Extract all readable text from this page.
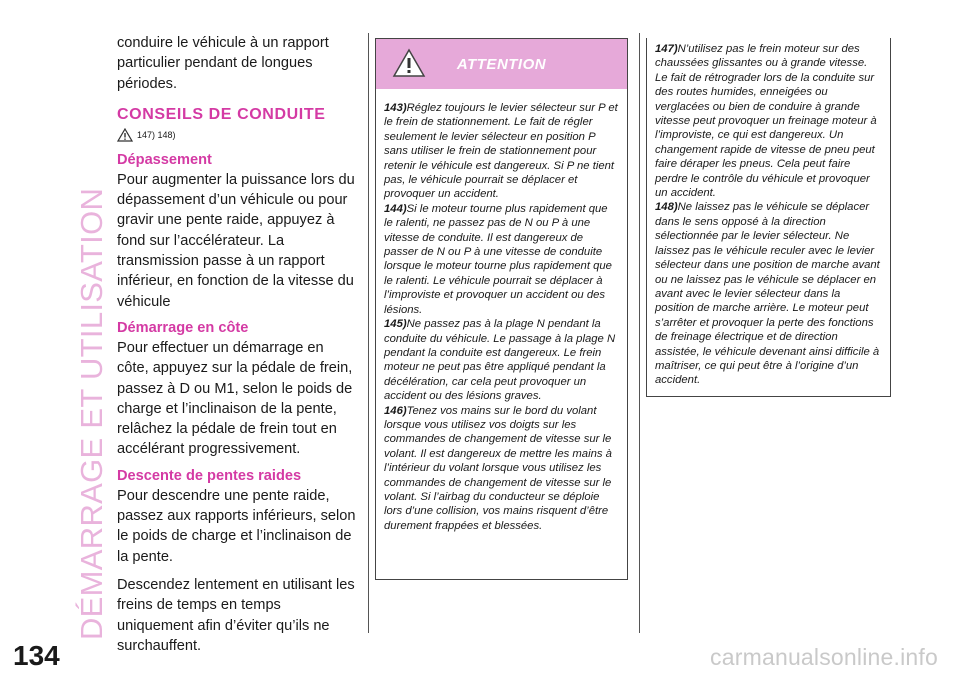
DÉMARRAGE ET UTILISATION
134

conduire le véhicule à un rapport particulier pendant de longues périodes.

CONSEILS DE CONDUITE
147) 148)
Dépassement

Pour augmenter la puissance lors du dépassement d’un véhicule ou pour gravir une pente raide, appuyez à fond sur l’accélérateur. La transmission passe à un rapport inférieur, en fonction de la vitesse du véhicule

Démarrage en côte

Pour effectuer un démarrage en côte, appuyez sur la pédale de frein, passez à D ou M1, selon le poids de charge et l’inclinaison de la pente, relâchez la pédale de frein tout en accélérant progressivement.

Descente de pentes raides

Pour descendre une pente raide, passez aux rapports inférieurs, selon le poids de charge et l’inclinaison de la pente.

Descendez lentement en utilisant les freins de temps en temps uniquement afin d’éviter qu’ils ne surchauffent.

ATTENTION

143)Réglez toujours le levier sélecteur sur P et le frein de stationnement. Le fait de régler seulement le levier sélecteur en position P sans utiliser le frein de stationnement pour retenir le véhicule est dangereux. Si P ne tient pas, le véhicule pourrait se déplacer et provoquer un accident.

144)Si le moteur tourne plus rapidement que le ralenti, ne passez pas de N ou P à une vitesse de conduite. Il est dangereux de passer de N ou P à une vitesse de conduite lorsque le moteur tourne plus rapidement que le ralenti. Le véhicule pourrait se déplacer à l’improviste et provoquer un accident ou des lésions.

145)Ne passez pas à la plage N pendant la conduite du véhicule. Le passage à la plage N pendant la conduite est dangereux. Le frein moteur ne peut pas être appliqué pendant la décélération, car cela peut provoquer un accident ou des lésions graves.

146)Tenez vos mains sur le bord du volant lorsque vous utilisez vos doigts sur les commandes de changement de vitesse sur le volant. Il est dangereux de mettre les mains à l’intérieur du volant lorsque vous utilisez les commandes de changement de vitesse sur le volant. Si l’airbag du conducteur se déploie lors d’une collision, vos mains risquent d’être durement frappées et blessées.

147)N’utilisez pas le frein moteur sur des chaussées glissantes ou à grande vitesse. Le fait de rétrograder lors de la conduite sur des routes humides, enneigées ou verglacées ou bien de conduire à grande vitesse peut provoquer un freinage moteur à l’improviste, ce qui est dangereux. Un changement rapide de vitesse de pneu peut faire déraper les pneus. Cela peut faire perdre le contrôle du véhicule et provoquer un accident.

148)Ne laissez pas le véhicule se déplacer dans le sens opposé à la direction sélectionnée par le levier sélecteur. Ne laissez pas le véhicule reculer avec le levier sélecteur dans une position de marche avant ou ne laissez pas le véhicule se déplacer en avant avec le levier sélecteur dans la position de marche arrière. Le moteur peut s’arrêter et provoquer la perte des fonctions de freinage électrique et de direction assistée, le véhicule devenant ainsi difficile à maîtriser, ce qui peut être à l’origine d’un accident.

carmanualsonline.info
